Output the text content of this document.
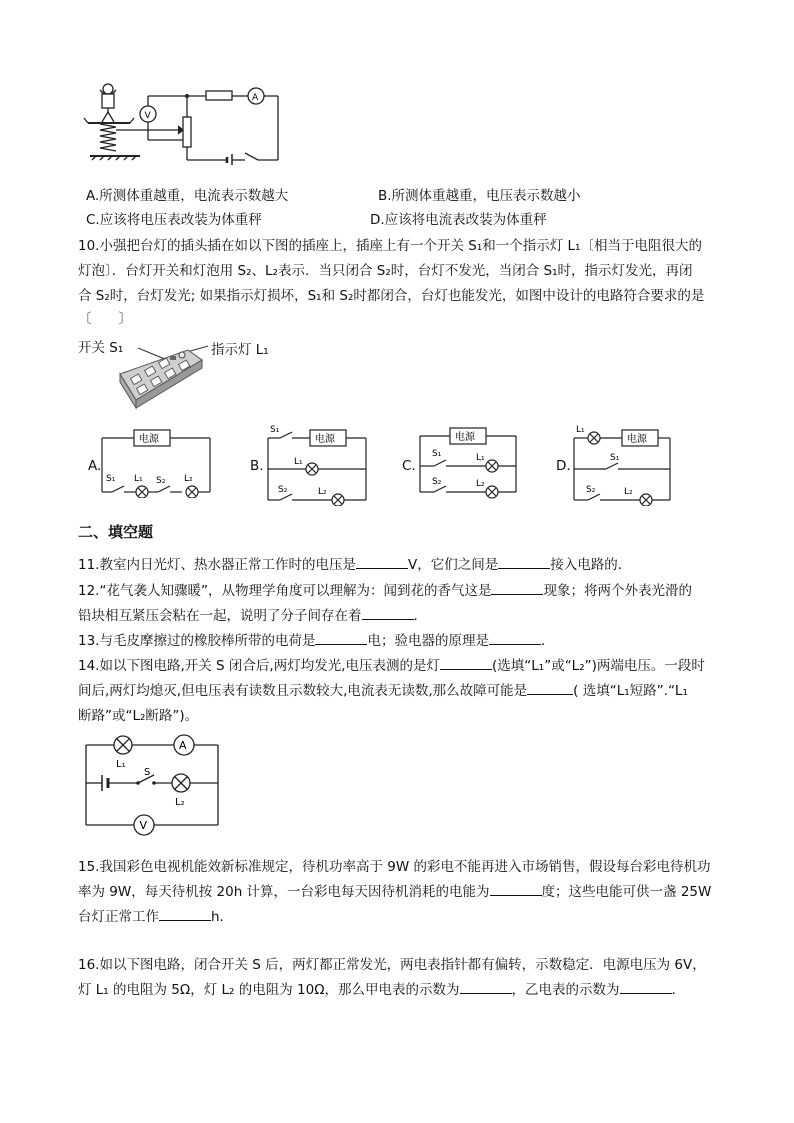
V
A
A.所测体重越重，电流表示数越大	B.所测体重越重，电压表示数越小
C.应该将电压表改装为体重秤	D.应该将电流表改装为体重秤
10.小强把台灯的插头插在如以下图的插座上，插座上有一个开关 S₁和一个指示灯 L₁〔相当于电阻很大的
灯泡〕．台灯开关和灯泡用 S₂、L₂表示．当只闭合 S₂时，台灯不发光，当闭合 S₁时，指示灯发光，再闭
合 S₂时，台灯发光; 如果指示灯损坏，S₁和 S₂时都闭合，台灯也能发光，如图中设计的电路符合要求的是
〔　　〕
开关 S₁	指示灯 L₁
A.
电源
S₁ L₁ S₂ L₂
B.
电源
S₁
L₁
S₂	L₂
C.
电源
S₁	L₁
S₂	L₂
D.
电源
L₁
S₁
S₂	L₂
二、填空题
11.教室内日光灯、热水器正常工作时的电压是	V，它们之间是	接入电路的．
12.“花气袭人知骤暖”，从物理学角度可以理解为：闻到花的香气这是	现象；将两个外表光滑的
铅块相互紧压会粘在一起，说明了分子间存在着	．
13.与毛皮摩擦过的橡胶棒所带的电荷是	电；验电器的原理是	．
14.如以下图电路,开关 S 闭合后,两灯均发光,电压表测的是灯	(选填“L₁”或“L₂”)两端电压。一段时
间后,两灯均熄灭,但电压表有读数且示数较大,电流表无读数,那么故障可能是	( 选填“L₁短路”.“L₁
断路”或“L₂断路”)。
A
V
L₁
S
L₂
15.我国彩色电视机能效新标准规定，待机功率高于 9W 的彩电不能再进入市场销售，假设每台彩电待机功
率为 9W，每天待机按 20h 计算，一台彩电每天因待机消耗的电能为	度；这些电能可供一盏 25W
台灯正常工作	h．
16.如以下图电路，闭合开关 S 后，两灯都正常发光，两电表指针都有偏转，示数稳定．电源电压为 6V，
灯 L₁ 的电阻为 5Ω，灯 L₂ 的电阻为 10Ω，那么甲电表的示数为	，乙电表的示数为	．
